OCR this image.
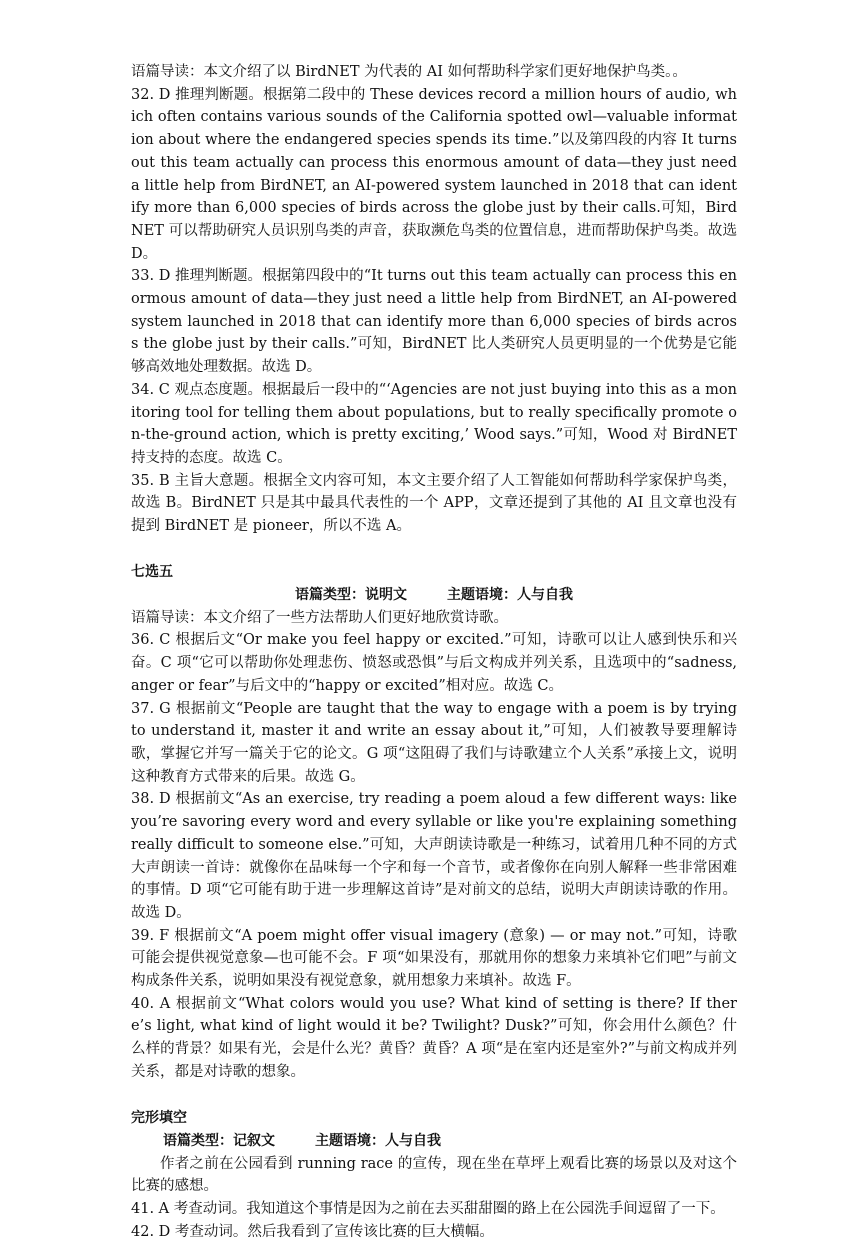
语篇导读：本文介绍了以 BirdNET 为代表的 AI 如何帮助科学家们更好地保护鸟类。。

32. D 推理判断题。根据第二段中的 These devices record a million hours of audio, which often contains various sounds of the California spotted owl—valuable information about where the endangered species spends its time.”以及第四段的内容 It turns out this team actually can process this enormous amount of data—they just need a little help from BirdNET, an AI-powered system launched in 2018 that can identify more than 6,000 species of birds across the globe just by their calls.可知，BirdNET 可以帮助研究人员识别鸟类的声音，获取濒危鸟类的位置信息，进而帮助保护鸟类。故选 D。

33. D 推理判断题。根据第四段中的“It turns out this team actually can process this enormous amount of data—they just need a little help from BirdNET, an AI-powered system launched in 2018 that can identify more than 6,000 species of birds across the globe just by their calls.”可知，BirdNET 比人类研究人员更明显的一个优势是它能够高效地处理数据。故选 D。

34. C 观点态度题。根据最后一段中的“‘Agencies are not just buying into this as a monitoring tool for telling them about populations, but to really specifically promote on-the-ground action, which is pretty exciting,’ Wood says.”可知，Wood 对 BirdNET 持支持的态度。故选 C。

35. B 主旨大意题。根据全文内容可知，本文主要介绍了人工智能如何帮助科学家保护鸟类，故选 B。BirdNET 只是其中最具代表性的一个 APP，文章还提到了其他的 AI 且文章也没有提到 BirdNET 是 pioneer，所以不选 A。

七选五

语篇类型：说明文	主题语境：人与自我

语篇导读：本文介绍了一些方法帮助人们更好地欣赏诗歌。

36. C 根据后文“Or make you feel happy or excited.”可知，诗歌可以让人感到快乐和兴奋。C 项“它可以帮助你处理悲伤、愤怒或恐惧”与后文构成并列关系，且选项中的“sadness, anger or fear”与后文中的“happy or excited”相对应。故选 C。

37. G 根据前文“People are taught that the way to engage with a poem is by trying to understand it, master it and write an essay about it,”可知，人们被教导要理解诗歌，掌握它并写一篇关于它的论文。G 项“这阻碍了我们与诗歌建立个人关系”承接上文，说明这种教育方式带来的后果。故选 G。

38. D 根据前文“As an exercise, try reading a poem aloud a few different ways: like you’re savoring every word and every syllable or like you're explaining something really difficult to someone else.”可知，大声朗读诗歌是一种练习，试着用几种不同的方式大声朗读一首诗：就像你在品味每一个字和每一个音节，或者像你在向别人解释一些非常困难的事情。D 项“它可能有助于进一步理解这首诗”是对前文的总结，说明大声朗读诗歌的作用。故选 D。

39. F 根据前文“A poem might offer visual imagery (意象) — or may not.”可知，诗歌可能会提供视觉意象—也可能不会。F 项“如果没有，那就用你的想象力来填补它们吧”与前文构成条件关系，说明如果没有视觉意象，就用想象力来填补。故选 F。

40. A 根据前文“What colors would you use? What kind of setting is there? If there’s light, what kind of light would it be? Twilight? Dusk?”可知，你会用什么颜色？什么样的背景？如果有光，会是什么光？黄昏？黄昏？A 项“是在室内还是室外?”与前文构成并列关系，都是对诗歌的想象。

完形填空

语篇类型：记叙文	主题语境：人与自我

作者之前在公园看到 running race 的宣传，现在坐在草坪上观看比赛的场景以及对这个比赛的感想。

41. A 考查动词。我知道这个事情是因为之前在去买甜甜圈的路上在公园洗手间逗留了一下。

42. D 考查动词。然后我看到了宣传该比赛的巨大横幅。
